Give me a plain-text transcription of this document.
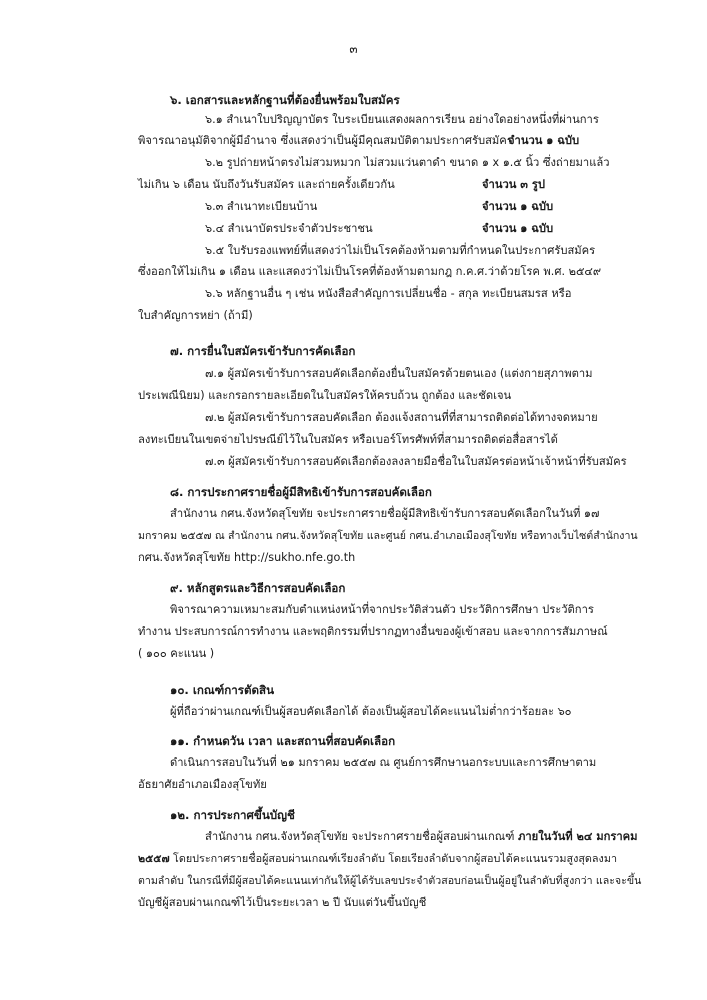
๓
๖. เอกสารและหลักฐานที่ต้องยื่นพร้อมใบสมัคร
๖.๑ สำเนาใบปริญญาบัตร ใบระเบียนแสดงผลการเรียน อย่างใดอย่างหนึ่งที่ผ่านการ
พิจารณาอนุมัติจากผู้มีอำนาจ ซึ่งแสดงว่าเป็นผู้มีคุณสมบัติตามประกาศรับสมัคร
จำนวน ๑ ฉบับ
๖.๒ รูปถ่ายหน้าตรงไม่สวมหมวก ไม่สวมแว่นตาดำ ขนาด ๑ x ๑.๕ นิ้ว ซึ่งถ่ายมาแล้ว
ไม่เกิน ๖ เดือน นับถึงวันรับสมัคร และถ่ายครั้งเดียวกัน	จำนวน ๓ รูป
๖.๓ สำเนาทะเบียนบ้าน	จำนวน ๑ ฉบับ
๖.๔ สำเนาบัตรประจำตัวประชาชน	จำนวน ๑ ฉบับ
๖.๕ ใบรับรองแพทย์ที่แสดงว่าไม่เป็นโรคต้องห้ามตามที่กำหนดในประกาศรับสมัคร
ซึ่งออกให้ไม่เกิน ๑ เดือน และแสดงว่าไม่เป็นโรคที่ต้องห้ามตามกฎ ก.ค.ศ.ว่าด้วยโรค พ.ศ. ๒๕๔๙
๖.๖ หลักฐานอื่น ๆ เช่น หนังสือสำคัญการเปลี่ยนชื่อ - สกุล ทะเบียนสมรส หรือ
ใบสำคัญการหย่า (ถ้ามี)
๗. การยื่นใบสมัครเข้ารับการคัดเลือก
๗.๑ ผู้สมัครเข้ารับการสอบคัดเลือกต้องยื่นใบสมัครด้วยตนเอง (แต่งกายสุภาพตาม
ประเพณีนิยม) และกรอกรายละเอียดในใบสมัครให้ครบถ้วน ถูกต้อง และชัดเจน
๗.๒ ผู้สมัครเข้ารับการสอบคัดเลือก ต้องแจ้งสถานที่ที่สามารถติดต่อได้ทางจดหมาย
ลงทะเบียนในเขตจ่ายไปรษณีย์ไว้ในใบสมัคร หรือเบอร์โทรศัพท์ที่สามารถติดต่อสื่อสารได้
๗.๓ ผู้สมัครเข้ารับการสอบคัดเลือกต้องลงลายมือชื่อในใบสมัครต่อหน้าเจ้าหน้าที่รับสมัคร
๘. การประกาศรายชื่อผู้มีสิทธิเข้ารับการสอบคัดเลือก
สำนักงาน กศน.จังหวัดสุโขทัย จะประกาศรายชื่อผู้มีสิทธิเข้ารับการสอบคัดเลือกในวันที่ ๑๗
มกราคม ๒๕๕๗ ณ สำนักงาน กศน.จังหวัดสุโขทัย และศูนย์ กศน.อำเภอเมืองสุโขทัย หรือทางเว็บไซต์สำนักงาน
กศน.จังหวัดสุโขทัย http://sukho.nfe.go.th
๙. หลักสูตรและวิธีการสอบคัดเลือก
พิจารณาความเหมาะสมกับตำแหน่งหน้าที่จากประวัติส่วนตัว ประวัติการศึกษา ประวัติการ
ทำงาน ประสบการณ์การทำงาน และพฤติกรรมที่ปรากฏทางอื่นของผู้เข้าสอบ และจากการสัมภาษณ์
( ๑๐๐ คะแนน )
๑๐. เกณฑ์การตัดสิน
ผู้ที่ถือว่าผ่านเกณฑ์เป็นผู้สอบคัดเลือกได้ ต้องเป็นผู้สอบได้คะแนนไม่ต่ำกว่าร้อยละ ๖๐
๑๑. กำหนดวัน เวลา และสถานที่สอบคัดเลือก
ดำเนินการสอบในวันที่ ๒๑ มกราคม ๒๕๕๗ ณ ศูนย์การศึกษานอกระบบและการศึกษาตาม
อัธยาศัยอำเภอเมืองสุโขทัย
๑๒. การประกาศขึ้นบัญชี
สำนักงาน กศน.จังหวัดสุโขทัย จะประกาศรายชื่อผู้สอบผ่านเกณฑ์ ภายในวันที่ ๒๔ มกราคม
๒๕๕๗ โดยประกาศรายชื่อผู้สอบผ่านเกณฑ์เรียงลำดับ โดยเรียงลำดับจากผู้สอบได้คะแนนรวมสูงสุดลงมา
ตามลำดับ ในกรณีที่มีผู้สอบได้คะแนนเท่ากันให้ผู้ได้รับเลขประจำตัวสอบก่อนเป็นผู้อยู่ในลำดับที่สูงกว่า และจะขึ้น
บัญชีผู้สอบผ่านเกณฑ์ไว้เป็นระยะเวลา ๒ ปี นับแต่วันขึ้นบัญชี
